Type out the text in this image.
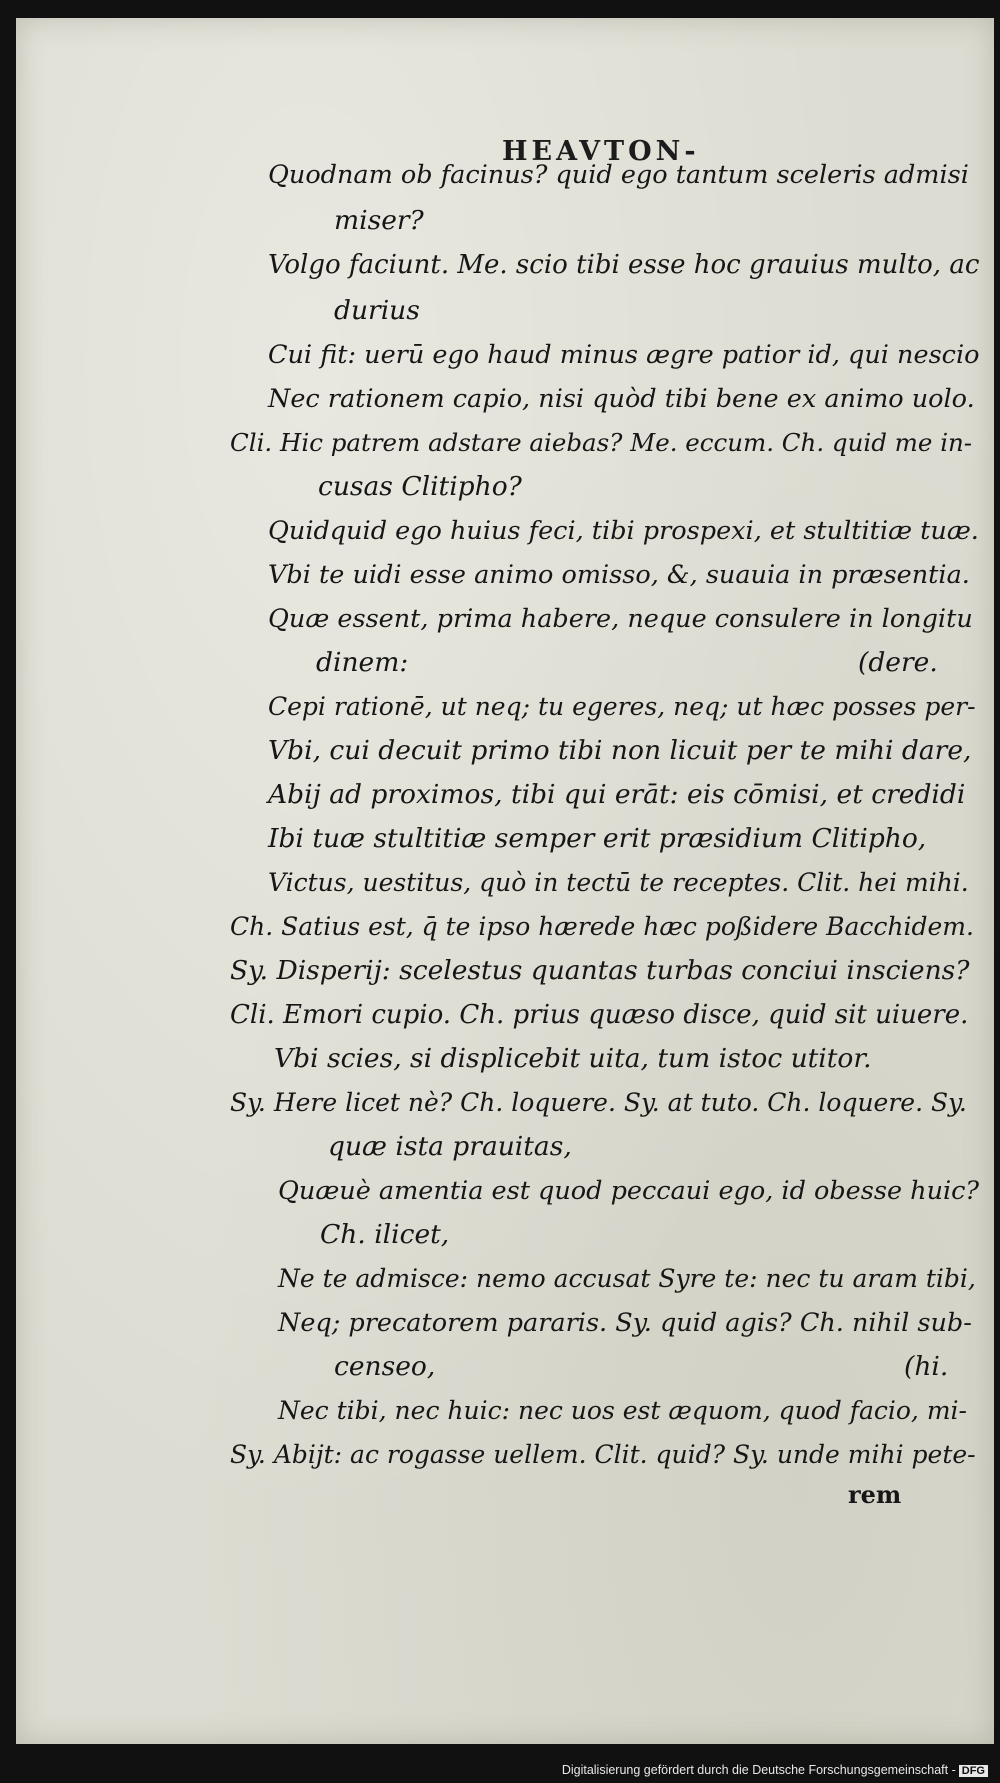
HEAVTON-
Quodnam ob facinus? quid ego tantum sceleris admisi
miser?
Volgo faciunt. Me. scio tibi esse hoc grauius multo, ac
durius
Cui fit: uerū ego haud minus ægre patior id, qui nescio
Nec rationem capio, nisi quòd tibi bene ex animo uolo.
Cli. Hic patrem adstare aiebas? Me. eccum. Ch. quid me in-
cusas Clitipho?
Quidquid ego huius feci, tibi prospexi, et stultitiæ tuæ.
Vbi te uidi esse animo omisso, &, suauia in præsentia.
Quæ essent, prima habere, neque consulere in longitu
dinem:	(dere.
Cepi rationē, ut neq; tu egeres, neq; ut hæc posses per-
Vbi, cui decuit primo tibi non licuit per te mihi dare,
Abij ad proximos, tibi qui erāt: eis cōmisi, et credidi
Ibi tuæ stultitiæ semper erit præsidium Clitipho,
Victus, uestitus, quò in tectū te receptes. Clit. hei mihi.
Ch. Satius est, q̄ te ipso hærede hæc poßidere Bacchidem.
Sy. Disperij: scelestus quantas turbas conciui insciens?
Cli. Emori cupio. Ch. prius quæso disce, quid sit uiuere.
Vbi scies, si displicebit uita, tum istoc utitor.
Sy. Here licet nè? Ch. loquere. Sy. at tuto. Ch. loquere. Sy.
quæ ista prauitas,
Quæuè amentia est quod peccaui ego, id obesse huic?
Ch. ilicet,
Ne te admisce: nemo accusat Syre te: nec tu aram tibi,
Neq; precatorem pararis. Sy. quid agis? Ch. nihil sub-
censeo,	(hi.
Nec tibi, nec huic: nec uos est æquom, quod facio, mi-
Sy. Abijt: ac rogasse uellem. Clit. quid? Sy. unde mihi pete-
rem
Digitalisierung gefördert durch die Deutsche Forschungsgemeinschaft - DFG
